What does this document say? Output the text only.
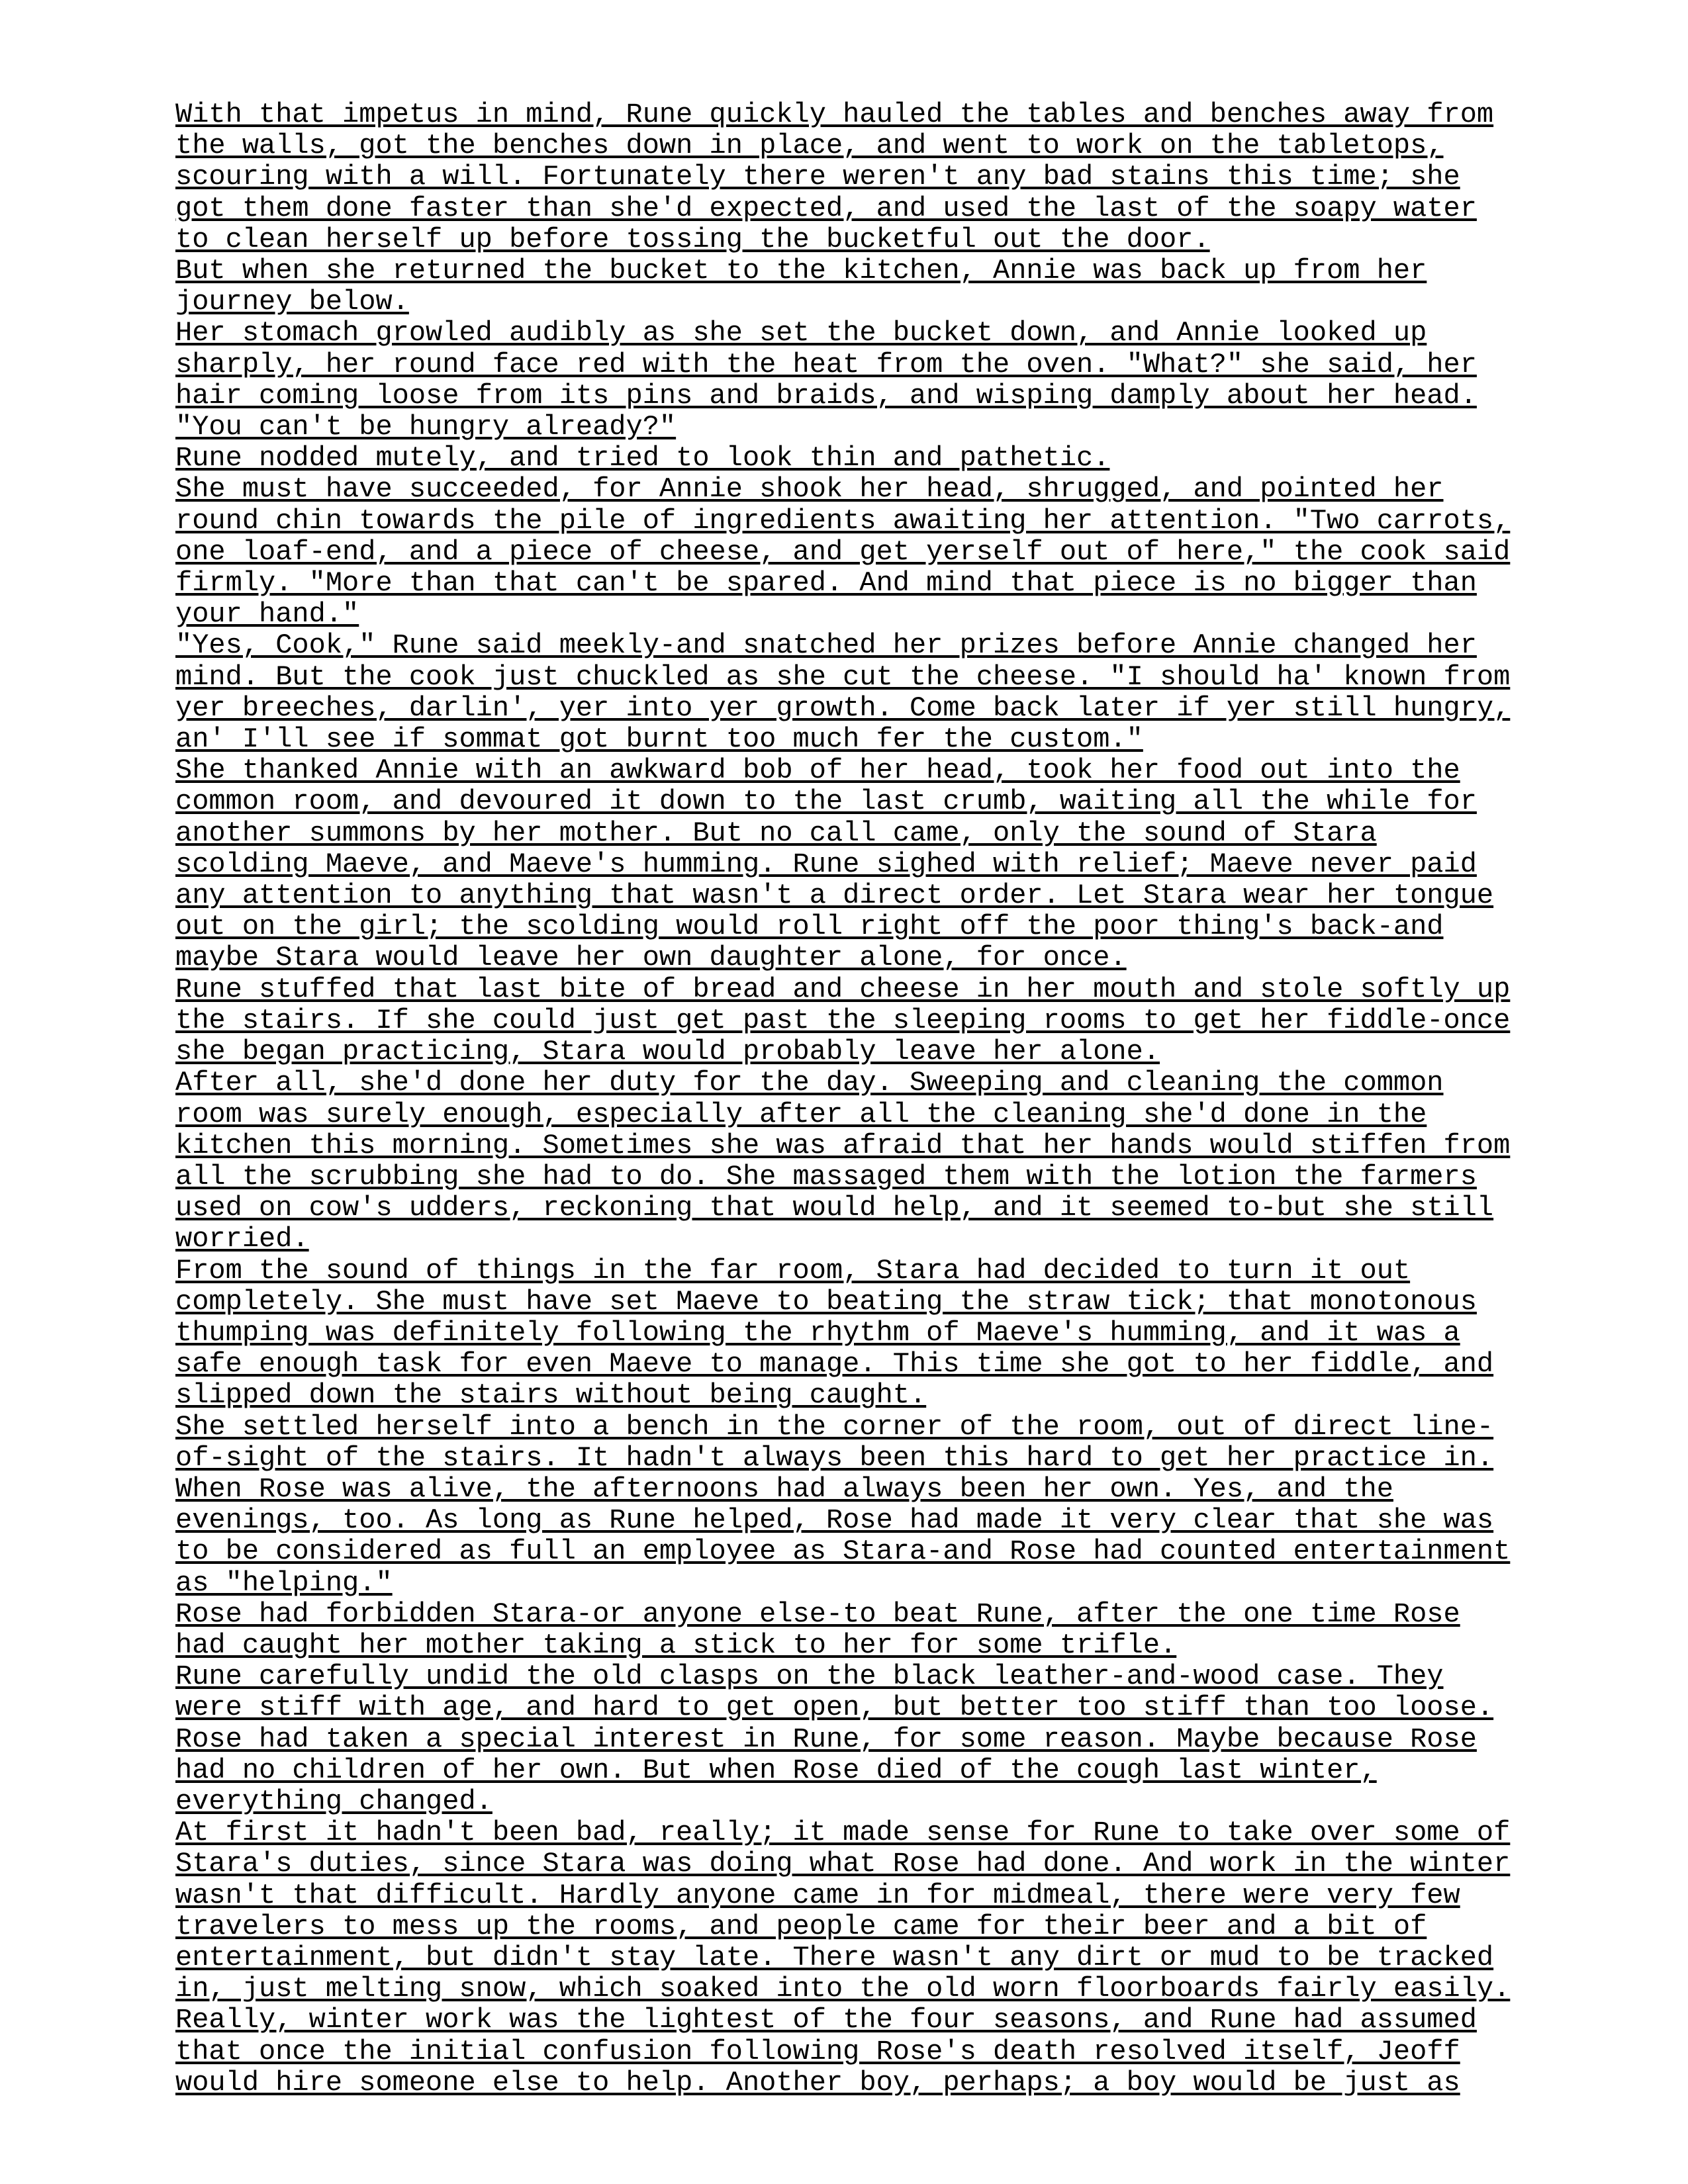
With that impetus in mind, Rune quickly hauled the tables and benches away from
the walls, got the benches down in place, and went to work on the tabletops,
scouring with a will. Fortunately there weren't any bad stains this time; she
got them done faster than she'd expected, and used the last of the soapy water
to clean herself up before tossing the bucketful out the door.
But when she returned the bucket to the kitchen, Annie was back up from her
journey below.
Her stomach growled audibly as she set the bucket down, and Annie looked up
sharply, her round face red with the heat from the oven. "What?" she said, her
hair coming loose from its pins and braids, and wisping damply about her head.
"You can't be hungry already?"
Rune nodded mutely, and tried to look thin and pathetic.
She must have succeeded, for Annie shook her head, shrugged, and pointed her
round chin towards the pile of ingredients awaiting her attention. "Two carrots,
one loaf-end, and a piece of cheese, and get yerself out of here," the cook said
firmly. "More than that can't be spared. And mind that piece is no bigger than
your hand."
"Yes, Cook," Rune said meekly-and snatched her prizes before Annie changed her
mind. But the cook just chuckled as she cut the cheese. "I should ha' known from
yer breeches, darlin', yer into yer growth. Come back later if yer still hungry,
an' I'll see if sommat got burnt too much fer the custom."
She thanked Annie with an awkward bob of her head, took her food out into the
common room, and devoured it down to the last crumb, waiting all the while for
another summons by her mother. But no call came, only the sound of Stara
scolding Maeve, and Maeve's humming. Rune sighed with relief; Maeve never paid
any attention to anything that wasn't a direct order. Let Stara wear her tongue
out on the girl; the scolding would roll right off the poor thing's back-and
maybe Stara would leave her own daughter alone, for once.
Rune stuffed that last bite of bread and cheese in her mouth and stole softly up
the stairs. If she could just get past the sleeping rooms to get her fiddle-once
she began practicing, Stara would probably leave her alone.
After all, she'd done her duty for the day. Sweeping and cleaning the common
room was surely enough, especially after all the cleaning she'd done in the
kitchen this morning. Sometimes she was afraid that her hands would stiffen from
all the scrubbing she had to do. She massaged them with the lotion the farmers
used on cow's udders, reckoning that would help, and it seemed to-but she still
worried.
From the sound of things in the far room, Stara had decided to turn it out
completely. She must have set Maeve to beating the straw tick; that monotonous
thumping was definitely following the rhythm of Maeve's humming, and it was a
safe enough task for even Maeve to manage. This time she got to her fiddle, and
slipped down the stairs without being caught.
She settled herself into a bench in the corner of the room, out of direct line-
of-sight of the stairs. It hadn't always been this hard to get her practice in.
When Rose was alive, the afternoons had always been her own. Yes, and the
evenings, too. As long as Rune helped, Rose had made it very clear that she was
to be considered as full an employee as Stara-and Rose had counted entertainment
as "helping."
Rose had forbidden Stara-or anyone else-to beat Rune, after the one time Rose
had caught her mother taking a stick to her for some trifle.
Rune carefully undid the old clasps on the black leather-and-wood case. They
were stiff with age, and hard to get open, but better too stiff than too loose.
Rose had taken a special interest in Rune, for some reason. Maybe because Rose
had no children of her own. But when Rose died of the cough last winter,
everything changed.
At first it hadn't been bad, really; it made sense for Rune to take over some of
Stara's duties, since Stara was doing what Rose had done. And work in the winter
wasn't that difficult. Hardly anyone came in for midmeal, there were very few
travelers to mess up the rooms, and people came for their beer and a bit of
entertainment, but didn't stay late. There wasn't any dirt or mud to be tracked
in, just melting snow, which soaked into the old worn floorboards fairly easily.
Really, winter work was the lightest of the four seasons, and Rune had assumed
that once the initial confusion following Rose's death resolved itself, Jeoff
would hire someone else to help. Another boy, perhaps; a boy would be just as
